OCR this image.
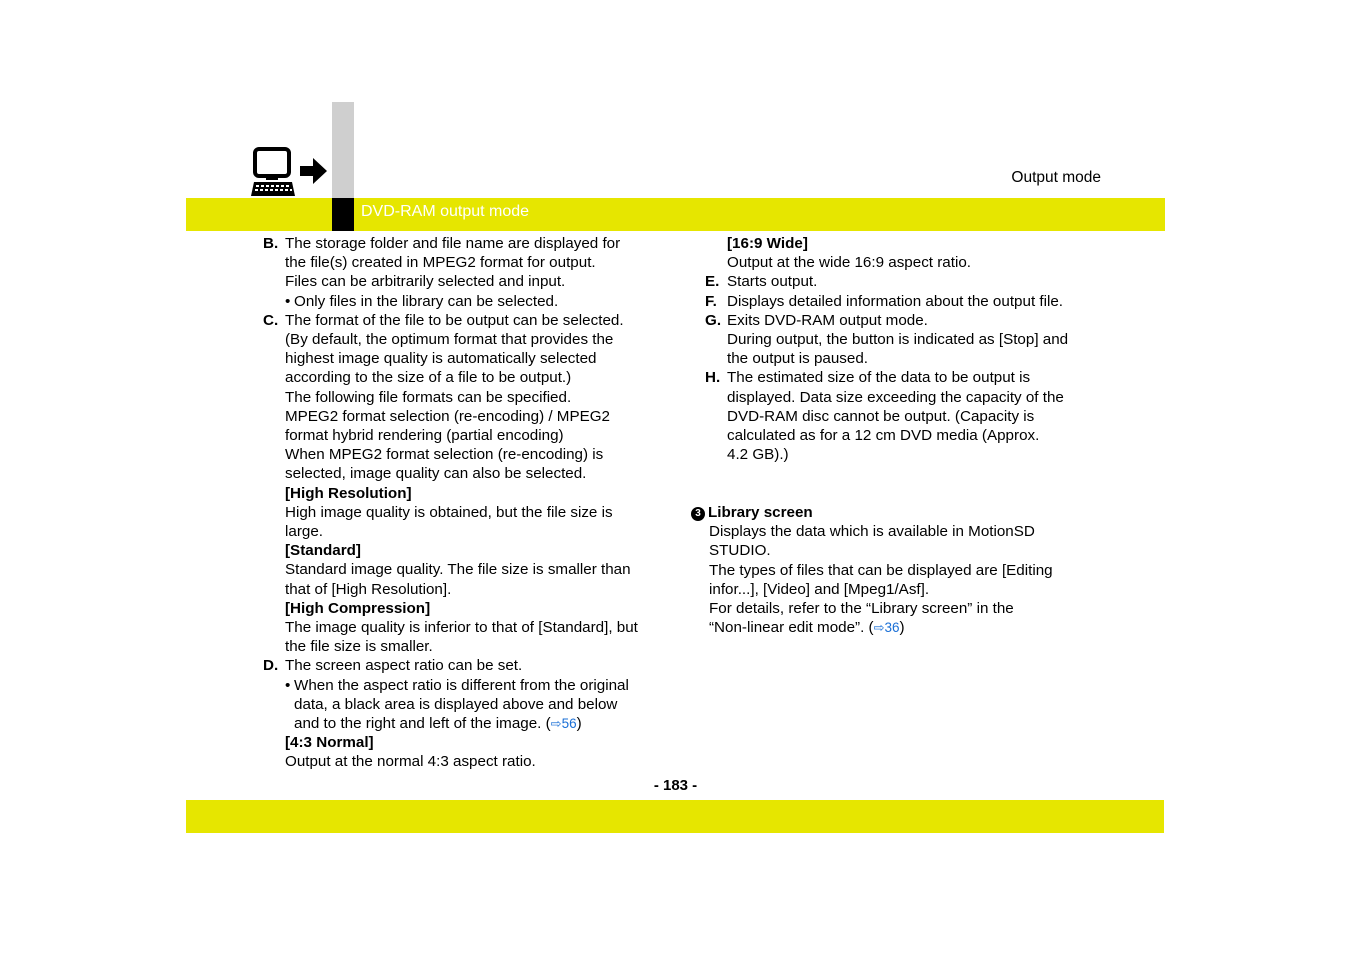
DVD-RAM output mode
Output mode
B. The storage folder and file name are displayed for
the file(s) created in MPEG2 format for output.
Files can be arbitrarily selected and input.
• Only files in the library can be selected.
C. The format of the file to be output can be selected.
(By default, the optimum format that provides the
highest image quality is automatically selected
according to the size of a file to be output.)
The following file formats can be specified.
MPEG2 format selection (re-encoding) / MPEG2
format hybrid rendering (partial encoding)
When MPEG2 format selection (re-encoding) is
selected, image quality can also be selected.
[High Resolution]
High image quality is obtained, but the file size is
large.
[Standard]
Standard image quality. The file size is smaller than
that of [High Resolution].
[High Compression]
The image quality is inferior to that of [Standard], but
the file size is smaller.
D. The screen aspect ratio can be set.
• When the aspect ratio is different from the original
data, a black area is displayed above and below
and to the right and left of the image. (⇨56)
[4:3 Normal]
Output at the normal 4:3 aspect ratio.
[16:9 Wide]
Output at the wide 16:9 aspect ratio.
E. Starts output.
F. Displays detailed information about the output file.
G. Exits DVD-RAM output mode.
During output, the button is indicated as [Stop] and
the output is paused.
H. The estimated size of the data to be output is
displayed. Data size exceeding the capacity of the
DVD-RAM disc cannot be output. (Capacity is
calculated as for a 12 cm DVD media (Approx.
4.2 GB).)
3 Library screen
Displays the data which is available in MotionSD
STUDIO.
The types of files that can be displayed are [Editing
infor...], [Video] and [Mpeg1/Asf].
For details, refer to the “Library screen” in the
“Non-linear edit mode”. (⇨36)
- 183 -
